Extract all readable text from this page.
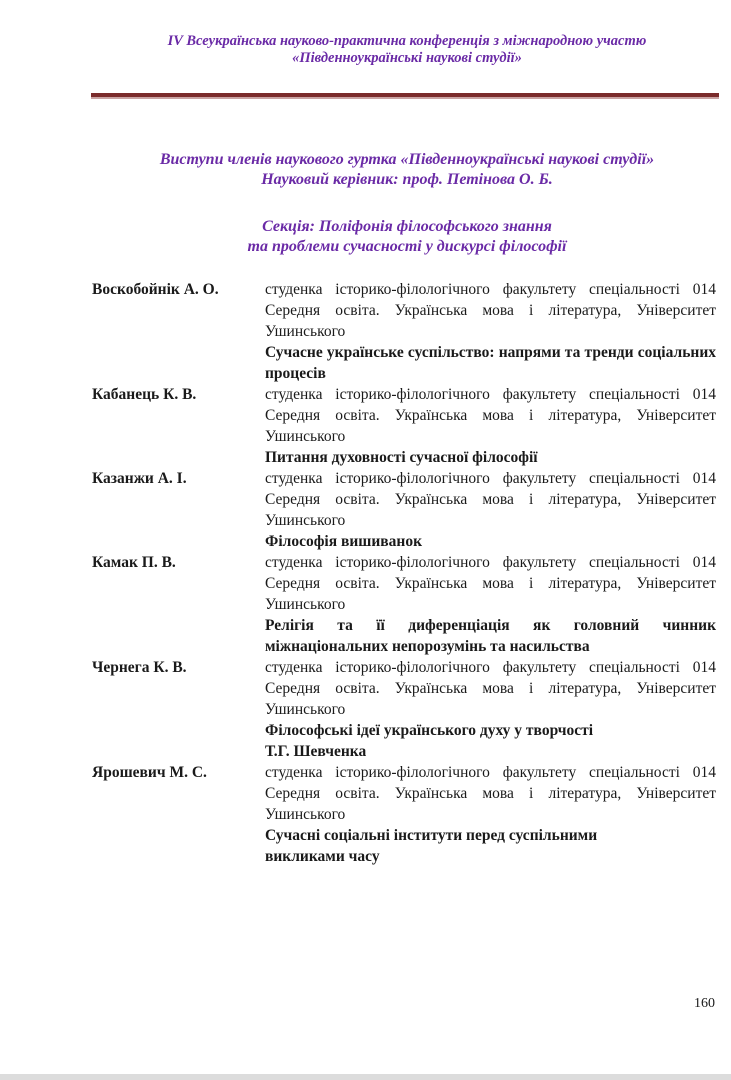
IV Всеукраїнська науково-практична конференція з міжнародною участю
«Південноукраїнські наукові студії»
Виступи членів наукового гуртка «Південноукраїнські наукові студії»
Науковий керівник: проф. Петінова О. Б.
Секція: Поліфонія філософського знання
та проблеми сучасності у дискурсі філософії
Воскобойнік А. О.	студенка історико-філологічного факультету спеціальності 014 Середня освіта. Українська мова і література, Університет Ушинського
Сучасне українське суспільство: напрями та тренди соціальних процесів
Кабанець К. В.	студенка історико-філологічного факультету спеціальності 014 Середня освіта. Українська мова і література, Університет Ушинського
Питання духовності сучасної філософії
Казанжи А. І.	студенка історико-філологічного факультету спеціальності 014 Середня освіта. Українська мова і література, Університет Ушинського
Філософія вишиванок
Камак П. В.	студенка історико-філологічного факультету спеціальності 014 Середня освіта. Українська мова і література, Університет Ушинського
Релігія та її диференціація як головний чинник міжнаціональних непорозумінь та насильства
Чернега К. В.	студенка історико-філологічного факультету спеціальності 014 Середня освіта. Українська мова і література, Університет Ушинського
Філософські ідеї українського духу у творчості
Т.Г. Шевченка
Ярошевич М. С.	студенка історико-філологічного факультету спеціальності 014 Середня освіта. Українська мова і література, Університет Ушинського
Сучасні соціальні інститути перед суспільними
викликами часу
160
